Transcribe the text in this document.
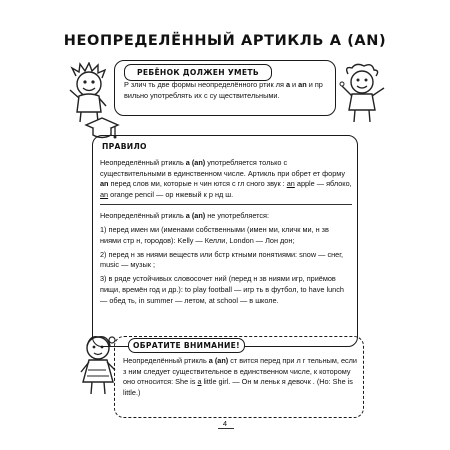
НЕОПРЕДЕЛЁННЫЙ АРТИКЛЬ A (AN)
РЕБЁНОК ДОЛЖЕН УМЕТЬ
Р злич ть две формы неопределённого ртик ля a и an и пр вильно употреблять их с су ществительными.
ПРАВИЛО

Неопределённый ртикль a (an) употребляется только с существительными в единственном числе. Артикль при обрет ет форму an перед слов ми, которые н чин ются с гл сного звук : an apple — яблоко, an orange pencil — ор нжевый к р нд ш.

Неопределённый ртикль a (an) не употребляется:

1) перед имен ми (именами собственными (имен ми, кличк ми, н зв ниями стр н, городов): Kelly — Келли, London — Лон дон;

2) перед н зв ниями веществ или бстр ктными понятиями: snow — снег, music — музык ;

3) в ряде устойчивых словосочет ний (перед н зв ниями игр, приёмов пищи, времён год и др.): to play football — игр ть в футбол, to have lunch — обед ть, in summer — летом, at school — в школе.

ОБРАТИТЕ ВНИМАНИЕ!
Неопределённый ртикль a (an) ст вится перед при л г тельным, если з ним следует существительное в единственном числе, к которому оно относится: She is a little girl. — Он м леньк я девочк . (Но: She is little.)
4
